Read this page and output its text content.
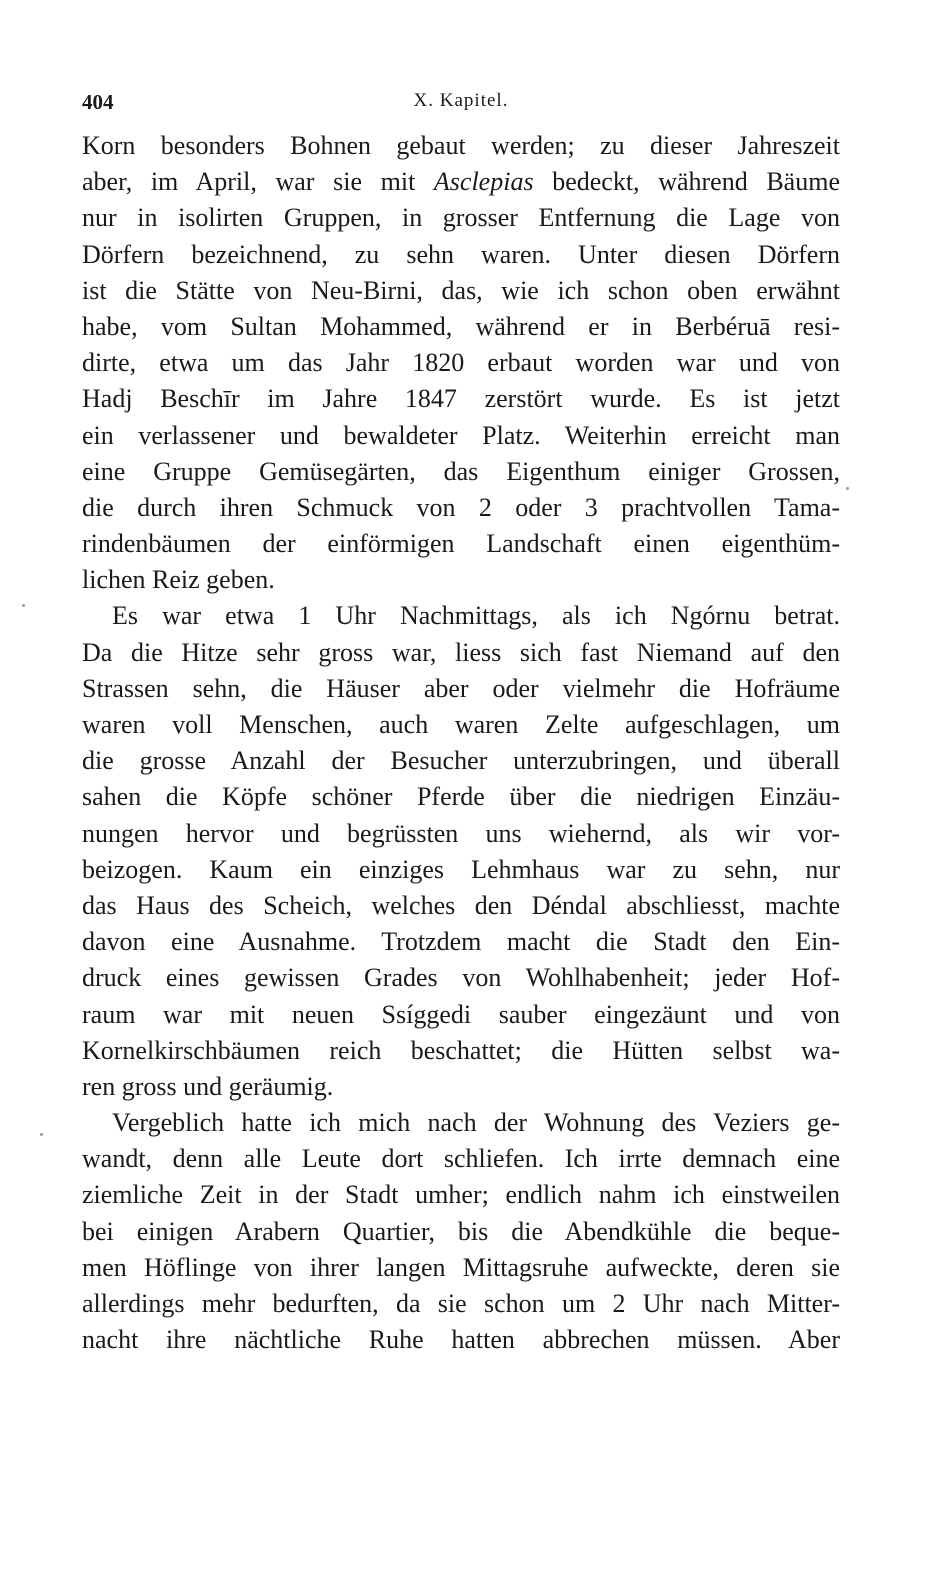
404	X. Kapitel.
Korn besonders Bohnen gebaut werden; zu dieser Jahreszeit
aber, im April, war sie mit Asclepias bedeckt, während Bäume
nur in isolirten Gruppen, in grosser Entfernung die Lage von
Dörfern bezeichnend, zu sehn waren. Unter diesen Dörfern
ist die Stätte von Neu-Birni, das, wie ich schon oben erwähnt
habe, vom Sultan Mohammed, während er in Berbéruā resi-
dirte, etwa um das Jahr 1820 erbaut worden war und von
Hadj Beschīr im Jahre 1847 zerstört wurde. Es ist jetzt
ein verlassener und bewaldeter Platz. Weiterhin erreicht man
eine Gruppe Gemüsegärten, das Eigenthum einiger Grossen,
die durch ihren Schmuck von 2 oder 3 prachtvollen Tama-
rindenbäumen der einförmigen Landschaft einen eigenthüm-
lichen Reiz geben.
Es war etwa 1 Uhr Nachmittags, als ich Ngórnu betrat.
Da die Hitze sehr gross war, liess sich fast Niemand auf den
Strassen sehn, die Häuser aber oder vielmehr die Hofräume
waren voll Menschen, auch waren Zelte aufgeschlagen, um
die grosse Anzahl der Besucher unterzubringen, und überall
sahen die Köpfe schöner Pferde über die niedrigen Einzäu-
nungen hervor und begrüssten uns wiehernd, als wir vor-
beizogen. Kaum ein einziges Lehmhaus war zu sehn, nur
das Haus des Scheich, welches den Déndal abschliesst, machte
davon eine Ausnahme. Trotzdem macht die Stadt den Ein-
druck eines gewissen Grades von Wohlhabenheit; jeder Hof-
raum war mit neuen Ssíggedi sauber eingezäunt und von
Kornelkirschbäumen reich beschattet; die Hütten selbst wa-
ren gross und geräumig.
Vergeblich hatte ich mich nach der Wohnung des Veziers ge-
wandt, denn alle Leute dort schliefen. Ich irrte demnach eine
ziemliche Zeit in der Stadt umher; endlich nahm ich einstweilen
bei einigen Arabern Quartier, bis die Abendkühle die beque-
men Höflinge von ihrer langen Mittagsruhe aufweckte, deren sie
allerdings mehr bedurften, da sie schon um 2 Uhr nach Mitter-
nacht ihre nächtliche Ruhe hatten abbrechen müssen. Aber
